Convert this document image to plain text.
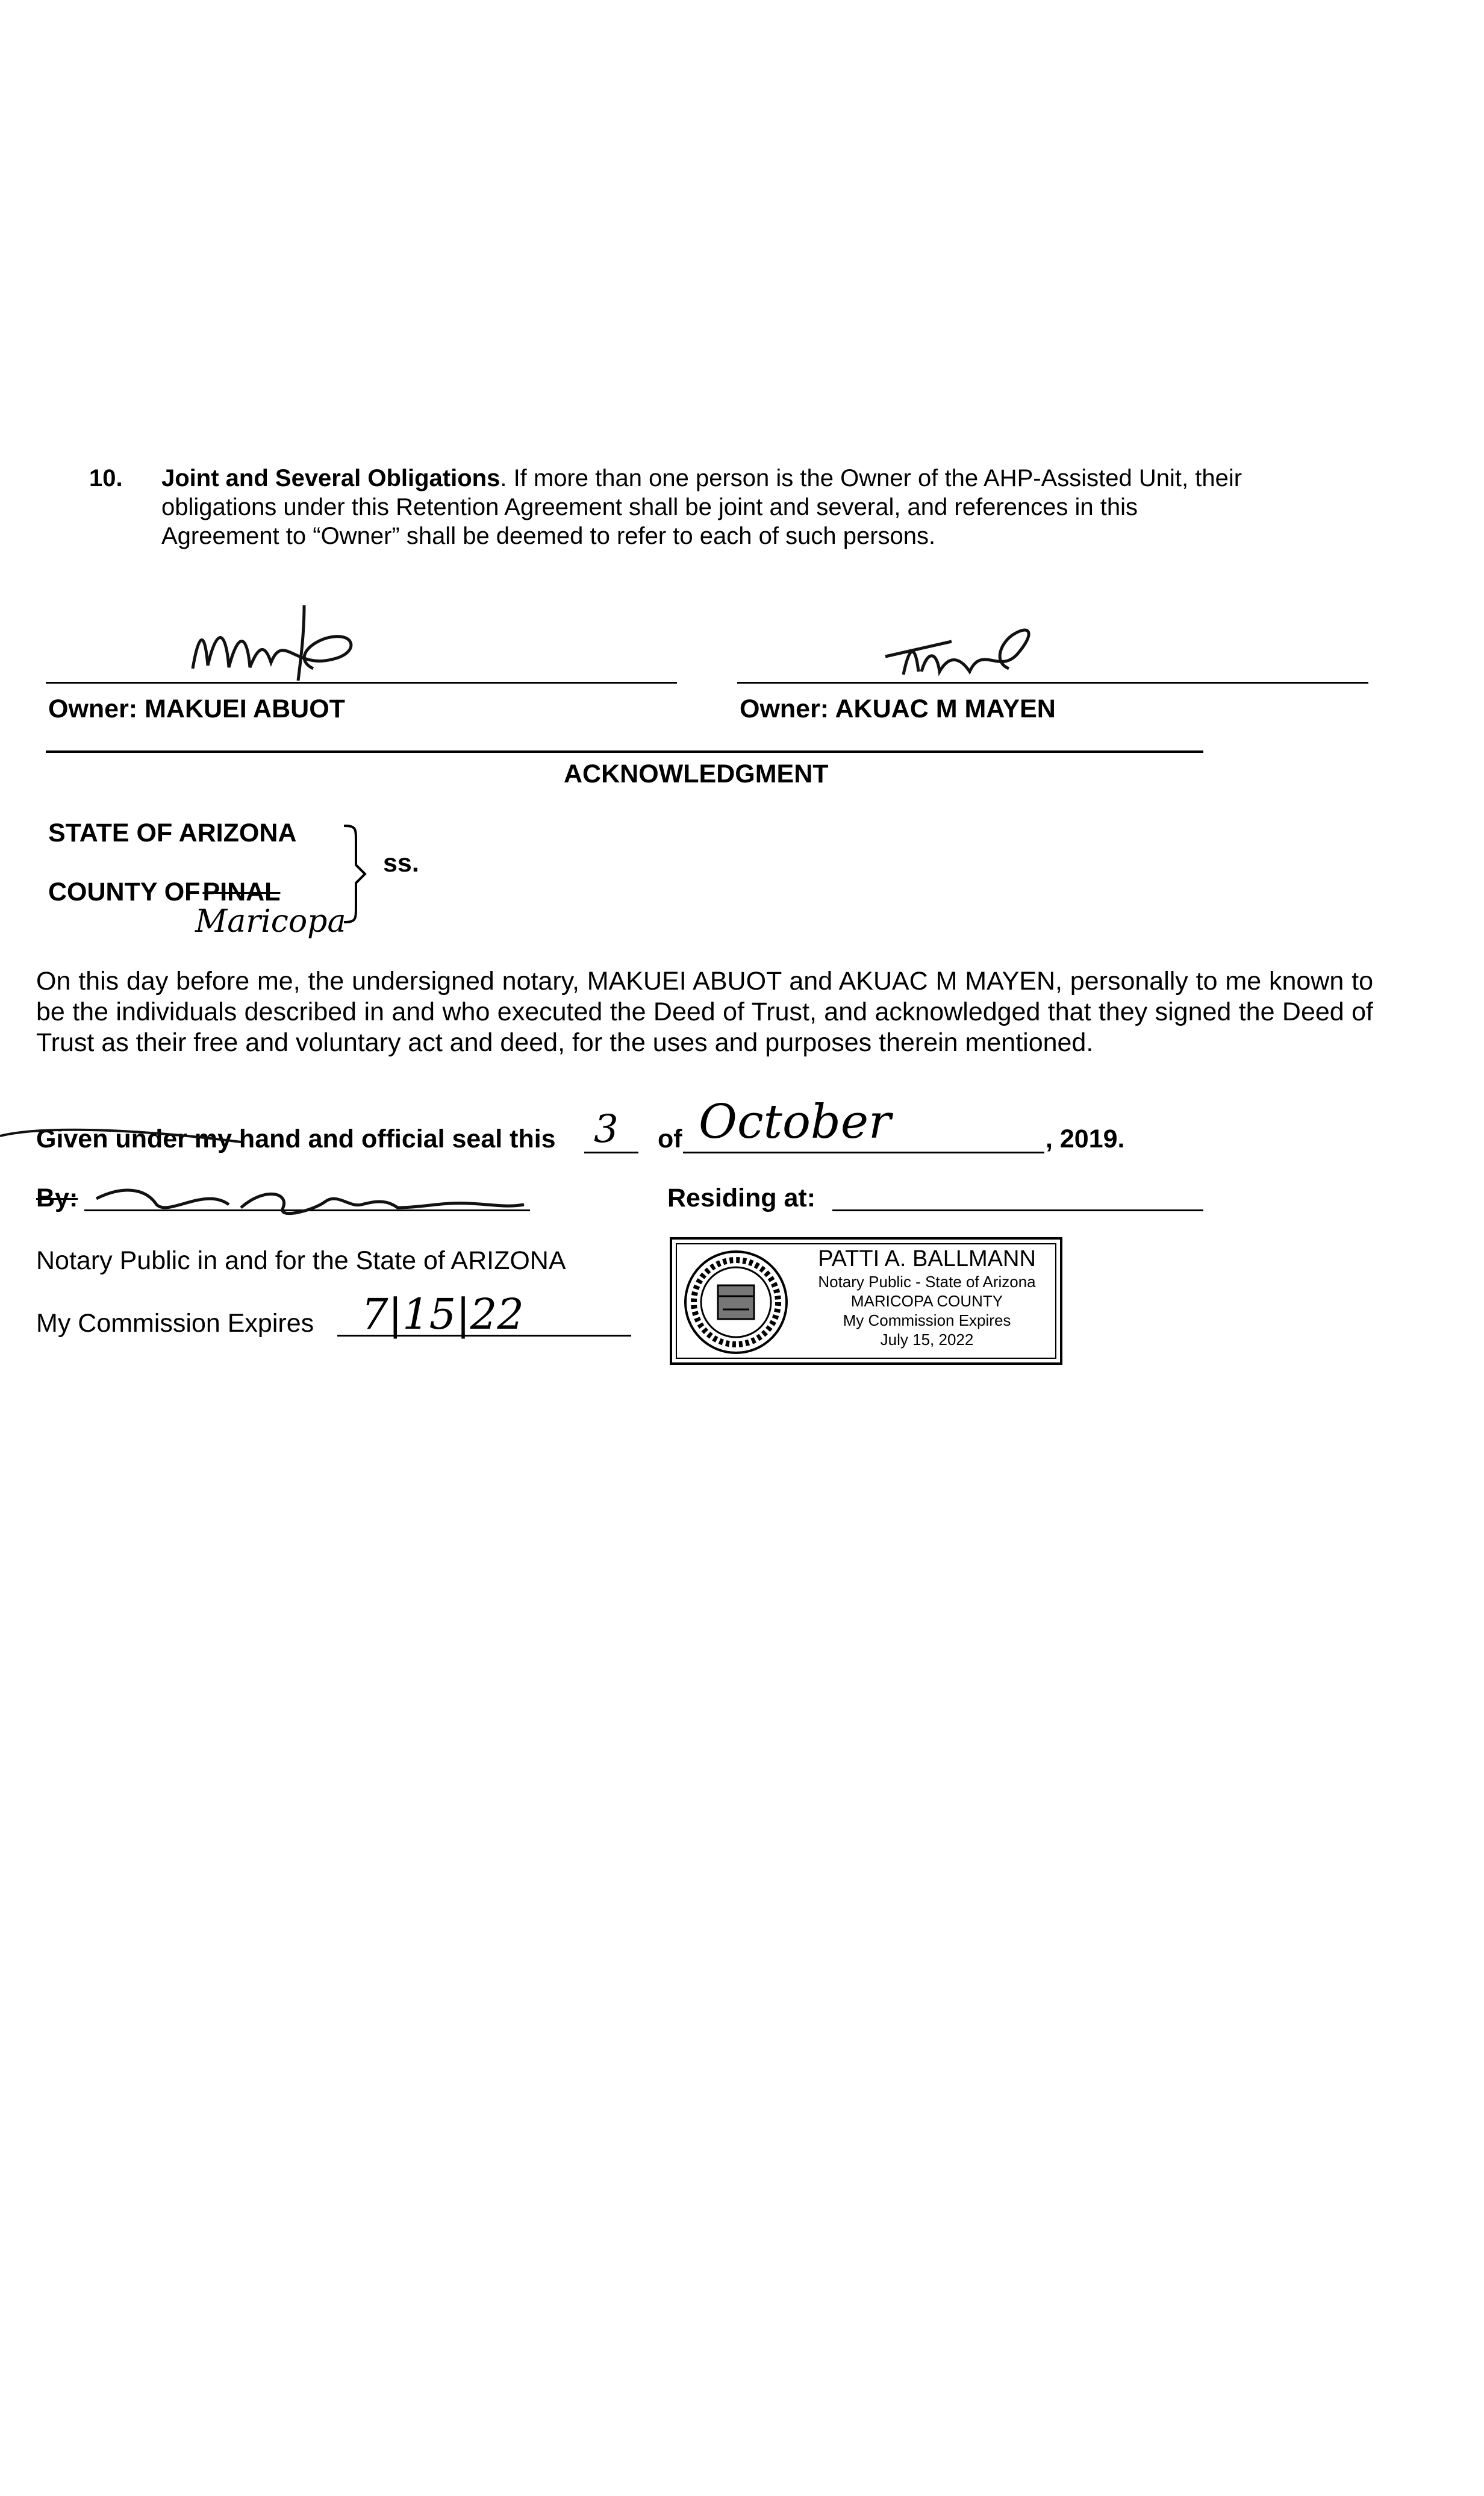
10. Joint and Several Obligations. If more than one person is the Owner of the AHP-Assisted Unit, their
obligations under this Retention Agreement shall be joint and several, and references in this
Agreement to “Owner” shall be deemed to refer to each of such persons.
Owner: MAKUEI ABUOT	Owner: AKUAC M MAYEN
ACKNOWLEDGMENT
STATE OF ARIZONA
COUNTY OFPINAL
Maricopa
ss.
On this day before me, the undersigned notary, MAKUEI ABUOT and AKUAC M MAYEN, personally to me known to be the individuals described in and who executed the Deed of Trust, and acknowledged that they signed the Deed of Trust as their free and voluntary act and deed, for the uses and purposes therein mentioned.
Given under my hand and official seal this 3 of October	, 2019.
By:	Residing at:
Notary Public in and for the State of ARIZONA
My Commission Expires 7|15|22
PATTI A. BALLMANN
Notary Public - State of Arizona
MARICOPA COUNTY
My Commission Expires
July 15, 2022
